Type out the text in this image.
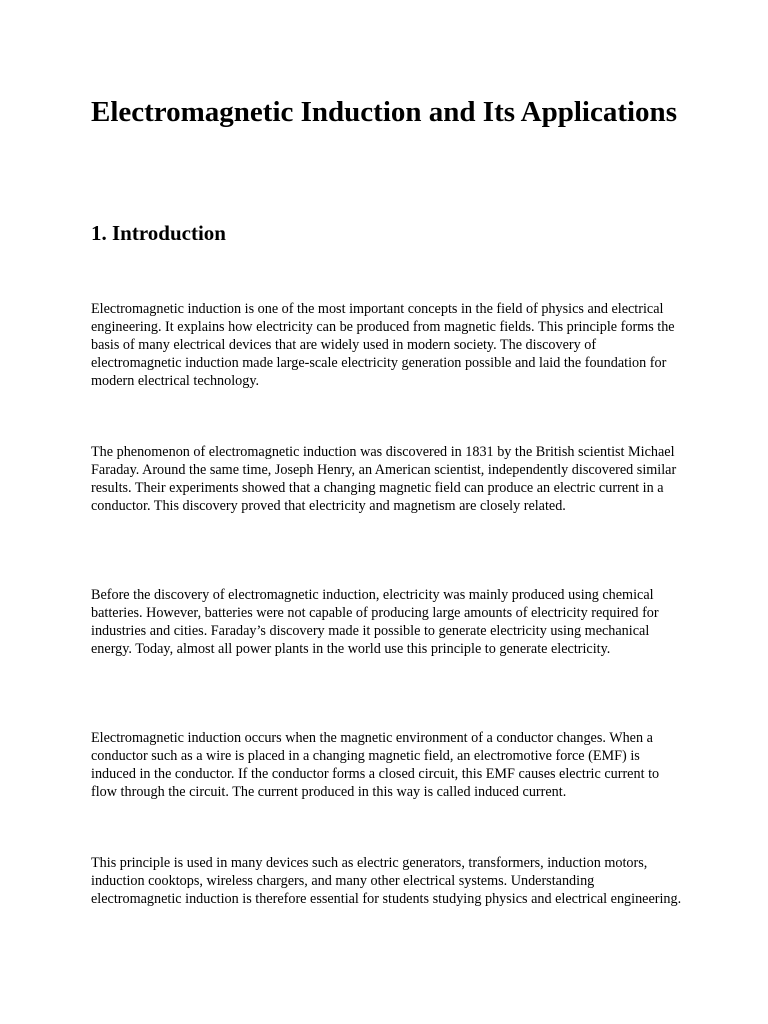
Electromagnetic Induction and Its Applications
1. Introduction

Electromagnetic induction is one of the most important concepts in the field of physics and electrical engineering. It explains how electricity can be produced from magnetic fields. This principle forms the basis of many electrical devices that are widely used in modern society. The discovery of electromagnetic induction made large-scale electricity generation possible and laid the foundation for modern electrical technology.

The phenomenon of electromagnetic induction was discovered in 1831 by the British scientist Michael Faraday. Around the same time, Joseph Henry, an American scientist, independently discovered similar results. Their experiments showed that a changing magnetic field can produce an electric current in a conductor. This discovery proved that electricity and magnetism are closely related.

Before the discovery of electromagnetic induction, electricity was mainly produced using chemical batteries. However, batteries were not capable of producing large amounts of electricity required for industries and cities. Faraday’s discovery made it possible to generate electricity using mechanical energy. Today, almost all power plants in the world use this principle to generate electricity.

Electromagnetic induction occurs when the magnetic environment of a conductor changes. When a conductor such as a wire is placed in a changing magnetic field, an electromotive force (EMF) is induced in the conductor. If the conductor forms a closed circuit, this EMF causes electric current to flow through the circuit. The current produced in this way is called induced current.

This principle is used in many devices such as electric generators, transformers, induction motors, induction cooktops, wireless chargers, and many other electrical systems. Understanding electromagnetic induction is therefore essential for students studying physics and electrical engineering.
